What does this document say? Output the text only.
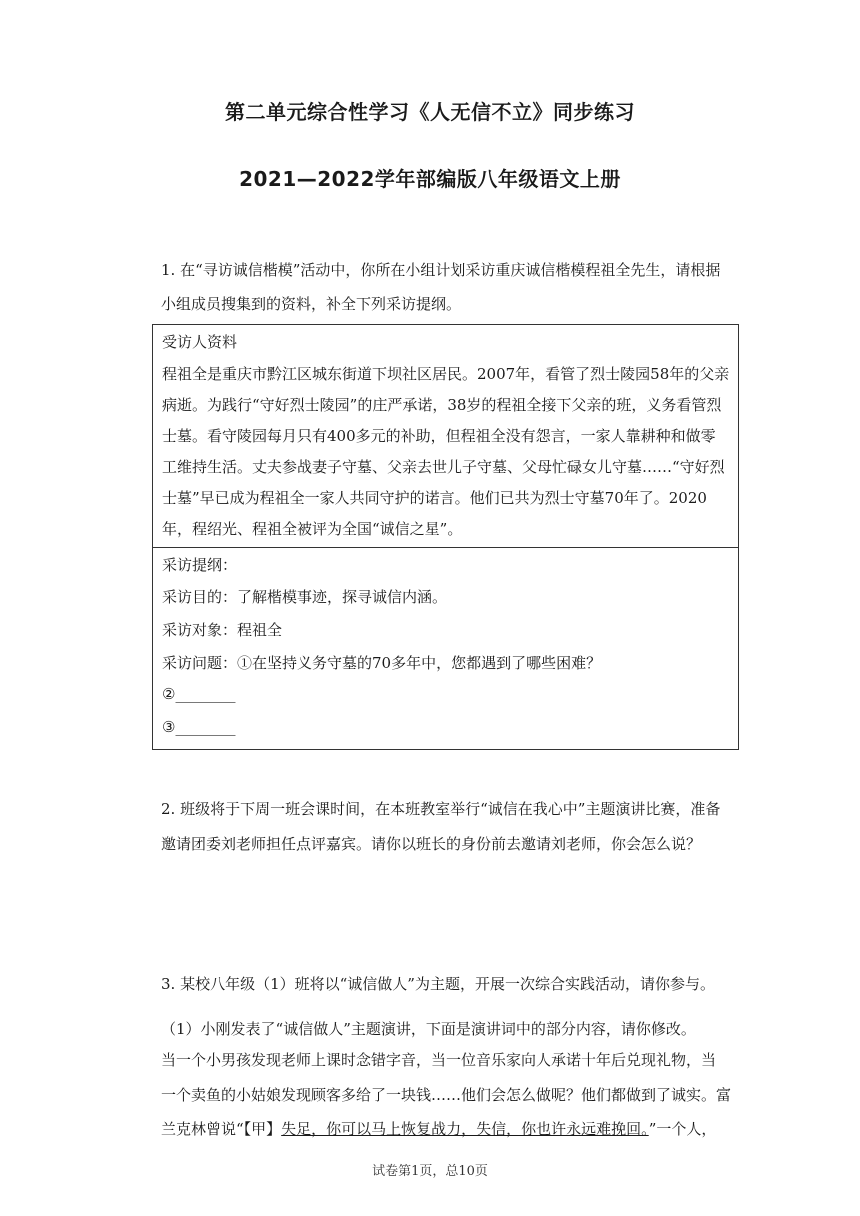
第二单元综合性学习《人无信不立》同步练习
2021—2022学年部编版八年级语文上册
1. 在“寻访诚信楷模”活动中，你所在小组计划采访重庆诚信楷模程祖全先生，请根据
小组成员搜集到的资料，补全下列采访提纲。
受访人资料
程祖全是重庆市黔江区城东街道下坝社区居民。2007年，看管了烈士陵园58年的父亲
病逝。为践行“守好烈士陵园”的庄严承诺，38岁的程祖全接下父亲的班，义务看管烈
士墓。看守陵园每月只有400多元的补助，但程祖全没有怨言，一家人靠耕种和做零
工维持生活。丈夫参战妻子守墓、父亲去世儿子守墓、父母忙碌女儿守墓……“守好烈
士墓”早已成为程祖全一家人共同守护的诺言。他们已共为烈士守墓70年了。2020
年，程绍光、程祖全被评为全国“诚信之星”。
采访提纲：
采访目的：了解楷模事迹，探寻诚信内涵。
采访对象：程祖全
采访问题：①在坚持义务守墓的70多年中，您都遇到了哪些困难？
②________
③________
2. 班级将于下周一班会课时间，在本班教室举行“诚信在我心中”主题演讲比赛，准备
邀请团委刘老师担任点评嘉宾。请你以班长的身份前去邀请刘老师，你会怎么说？
3. 某校八年级（1）班将以“诚信做人”为主题，开展一次综合实践活动，请你参与。
（1）小刚发表了“诚信做人”主题演讲，下面是演讲词中的部分内容，请你修改。
当一个小男孩发现老师上课时念错字音，当一位音乐家向人承诺十年后兑现礼物，当
一个卖鱼的小姑娘发现顾客多给了一块钱……他们会怎么做呢？他们都做到了诚实。富
兰克林曾说“【甲】失足，你可以马上恢复战力，失信，你也许永远难挽回。”一个人，
试卷第1页，总10页
